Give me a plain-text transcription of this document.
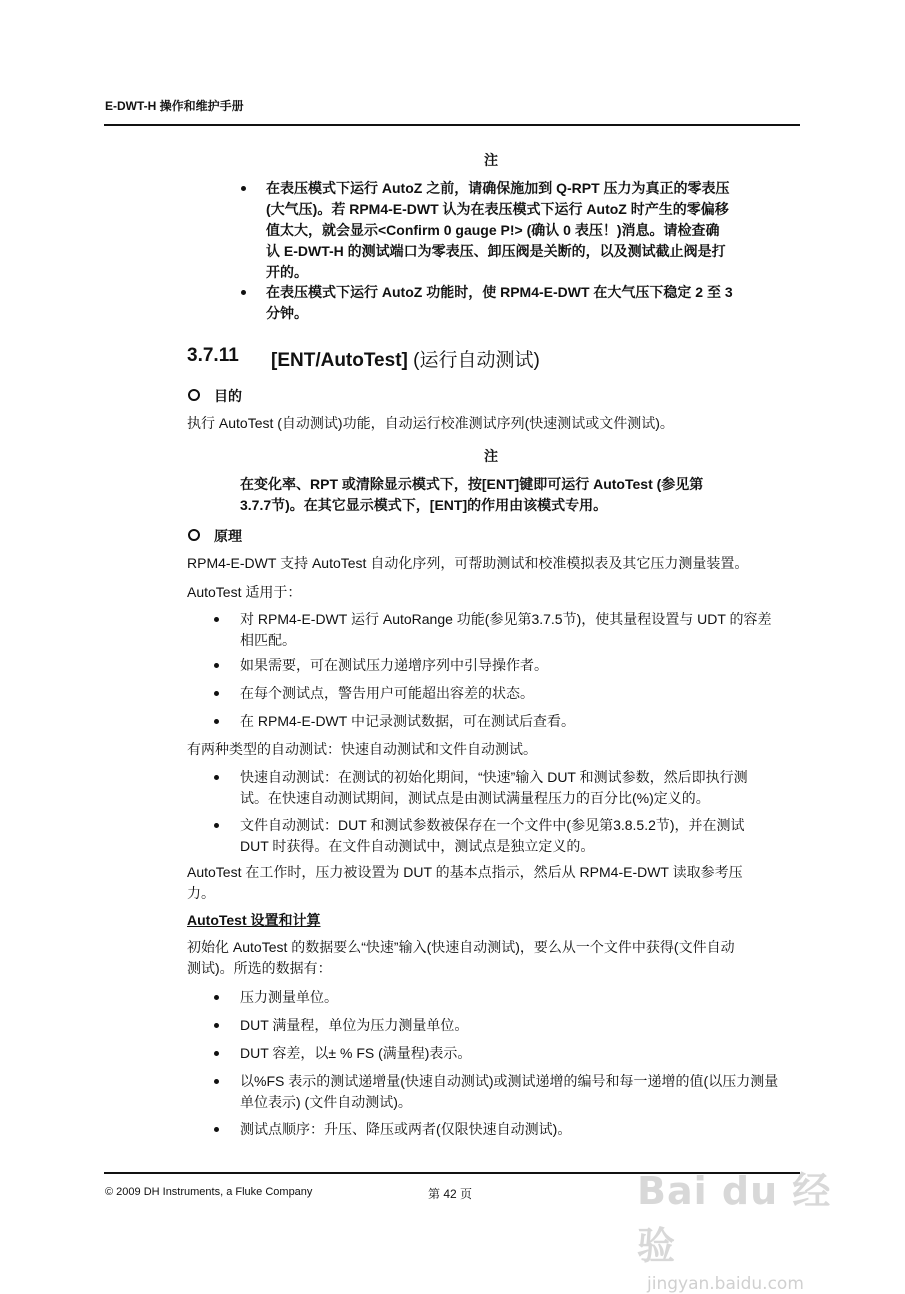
E-DWT-H 操作和维护手册
注
在表压模式下运行 AutoZ 之前，请确保施加到 Q-RPT 压力为真正的零表压
(大气压)。若 RPM4-E-DWT 认为在表压模式下运行 AutoZ 时产生的零偏移
值太大，就会显示<Confirm 0 gauge P!> (确认 0 表压！)消息。请检查确
认 E-DWT-H 的测试端口为零表压、卸压阀是关断的，以及测试截止阀是打
开的。
在表压模式下运行 AutoZ 功能时，使 RPM4-E-DWT 在大气压下稳定 2 至 3
分钟。
3.7.11 [ENT/AutoTest] (运行自动测试)
目的
执行 AutoTest (自动测试)功能，自动运行校准测试序列(快速测试或文件测试)。
注
在变化率、RPT 或清除显示模式下，按[ENT]键即可运行 AutoTest (参见第
3.7.7节)。在其它显示模式下，[ENT]的作用由该模式专用。
原理
RPM4-E-DWT 支持 AutoTest 自动化序列，可帮助测试和校准模拟表及其它压力测量装置。
AutoTest 适用于：
对 RPM4-E-DWT 运行 AutoRange 功能(参见第3.7.5节)，使其量程设置与 UDT 的容差
相匹配。
如果需要，可在测试压力递增序列中引导操作者。
在每个测试点，警告用户可能超出容差的状态。
在 RPM4-E-DWT 中记录测试数据，可在测试后查看。
有两种类型的自动测试：快速自动测试和文件自动测试。
快速自动测试：在测试的初始化期间，“快速”输入 DUT 和测试参数，然后即执行测
试。在快速自动测试期间，测试点是由测试满量程压力的百分比(%)定义的。
文件自动测试：DUT 和测试参数被保存在一个文件中(参见第3.8.5.2节)，并在测试
DUT 时获得。在文件自动测试中，测试点是独立定义的。
AutoTest 在工作时，压力被设置为 DUT 的基本点指示，然后从 RPM4-E-DWT 读取参考压
力。
AutoTest 设置和计算
初始化 AutoTest 的数据要么“快速”输入(快速自动测试)，要么从一个文件中获得(文件自动
测试)。所选的数据有：
压力测量单位。
DUT 满量程，单位为压力测量单位。
DUT 容差，以± % FS (满量程)表示。
以%FS 表示的测试递增量(快速自动测试)或测试递增的编号和每一递增的值(以压力测量
单位表示) (文件自动测试)。
测试点顺序：升压、降压或两者(仅限快速自动测试)。
© 2009 DH Instruments, a Fluke Company	第 42 页	Bai du 经验
jingyan.baidu.com
